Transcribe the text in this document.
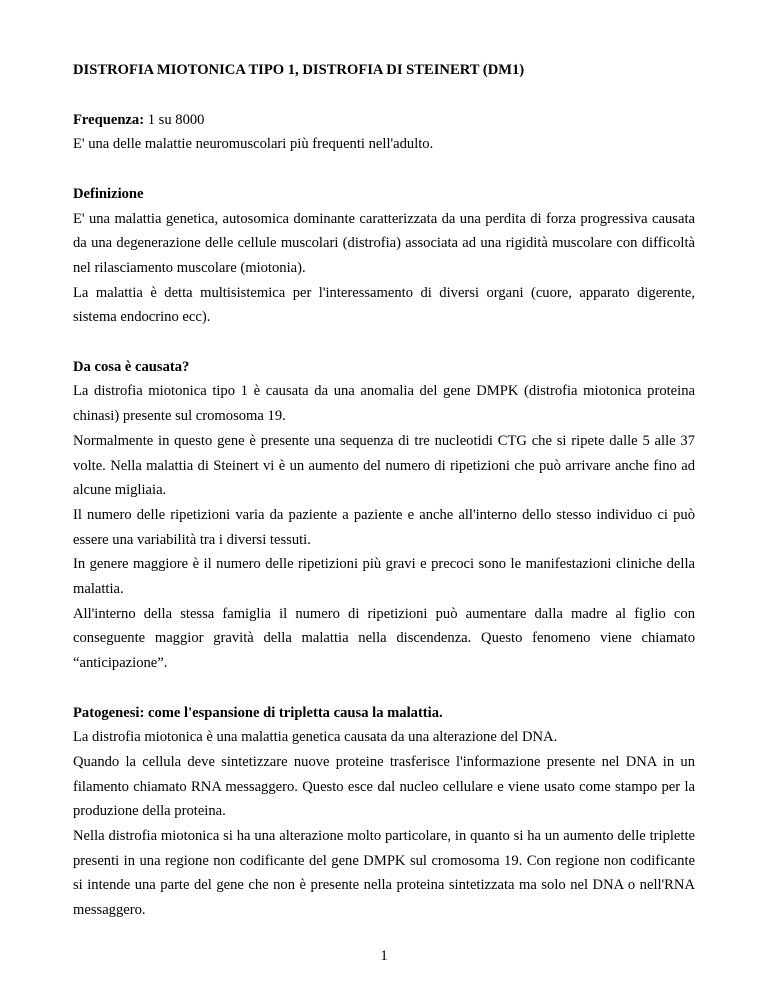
DISTROFIA MIOTONICA TIPO 1, DISTROFIA DI STEINERT (DM1)
Frequenza: 1 su 8000
E' una delle malattie neuromuscolari più frequenti nell'adulto.
Definizione
E' una malattia genetica, autosomica dominante caratterizzata da una perdita di forza progressiva causata da una degenerazione delle cellule muscolari (distrofia) associata ad una rigidità muscolare con difficoltà nel rilasciamento muscolare (miotonia).
La malattia è detta multisistemica per l'interessamento di diversi organi (cuore, apparato digerente, sistema endocrino ecc).
Da cosa è causata?
La distrofia miotonica tipo 1 è causata da una anomalia del gene DMPK (distrofia miotonica proteina chinasi) presente sul cromosoma 19.
Normalmente in questo gene è presente una sequenza di tre nucleotidi CTG che si ripete dalle 5 alle 37 volte. Nella malattia di Steinert vi è un aumento del numero di ripetizioni che può arrivare anche fino ad alcune migliaia.
Il numero delle ripetizioni varia da paziente a paziente e anche all'interno dello stesso individuo ci può essere una variabilità tra i diversi tessuti.
In genere maggiore è il numero delle ripetizioni più gravi e precoci sono le manifestazioni cliniche della malattia.
All'interno della stessa famiglia il numero di ripetizioni può aumentare dalla madre al figlio con conseguente maggior gravità della malattia nella discendenza. Questo fenomeno viene chiamato “anticipazione”.
Patogenesi: come l'espansione di tripletta causa la malattia.
La distrofia miotonica è una malattia genetica causata da una alterazione del DNA.
Quando la cellula deve sintetizzare nuove proteine trasferisce l'informazione presente nel DNA in un filamento chiamato RNA messaggero. Questo esce dal nucleo cellulare e viene usato come stampo per la produzione della proteina.
Nella distrofia miotonica si ha una alterazione molto particolare, in quanto si ha un aumento delle triplette presenti in una regione non codificante del gene DMPK sul cromosoma 19. Con regione non codificante si intende una parte del gene che non è presente nella proteina sintetizzata ma solo nel DNA o nell'RNA messaggero.
1
